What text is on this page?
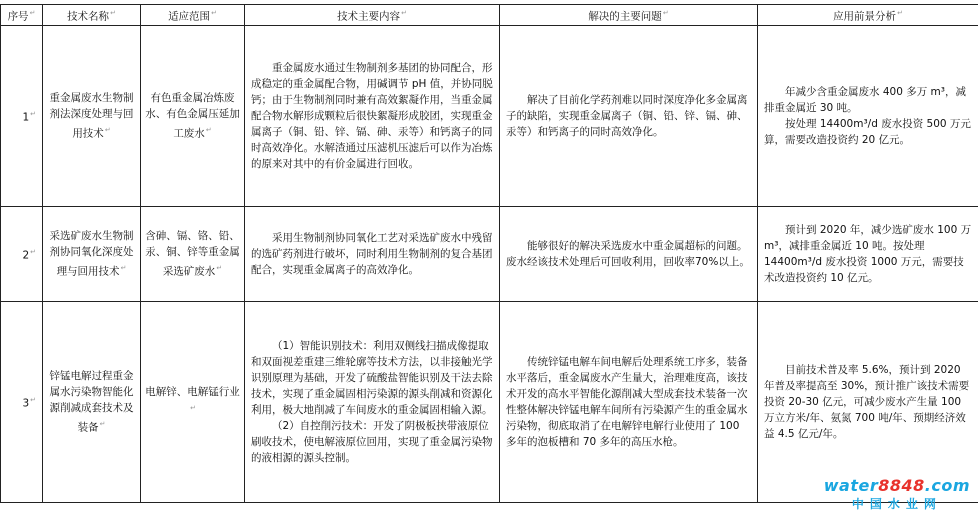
序号↵	技术名称↵	适应范围↵	技术主要内容↵	解决的主要问题↵	应用前景分析↵
1↵	重金属废水生物制剂法深度处理与回用技术↵	有色重金属冶炼废水、有色金属压延加工废水↵	重金属废水通过生物制剂多基团的协同配合，形成稳定的重金属配合物，用碱调节 pH 值，并协同脱钙；由于生物制剂同时兼有高效絮凝作用，当重金属配合物水解形成颗粒后很快絮凝形成胶团，实现重金属离子（铜、铅、锌、镉、砷、汞等）和钙离子的同时高效净化。水解渣通过压滤机压滤后可以作为冶炼的原来对其中的有价金属进行回收。	解决了目前化学药剂难以同时深度净化多金属离子的缺陷，实现重金属离子（铜、铅、锌、镉、砷、汞等）和钙离子的同时高效净化。	年减少含重金属废水 400 多万 m³，减排重金属近 30 吨。
按处理 14400m³/d 废水投资 500 万元算，需要改造投资约 20 亿元。

2↵	采选矿废水生物制剂协同氧化深度处理与回用技术↵	含砷、镉、铬、铅、汞、铜、锌等重金属采选矿废水↵	采用生物制剂协同氧化工艺对采选矿废水中残留的选矿药剂进行破坏，同时利用生物制剂的复合基团配合，实现重金属离子的高效净化。	能够很好的解决采选废水中重金属超标的问题。废水经该技术处理后可回收利用，回收率70%以上。	预计到 2020 年，减少选矿废水 100 万 m³，减排重金属近 10 吨。按处理 14400m³/d 废水投资 1000 万元，需要技术改造投资约 10 亿元。

3↵	锌锰电解过程重金属水污染物智能化源削减成套技术及装备↵	电解锌、电解锰行业↵	（1）智能识别技术：利用双侧线扫描成像提取和双面视差重建三维轮廓等技术方法，以非接触光学识别原理为基础，开发了硫酸盐智能识别及干法去除技术，实现了重金属固相污染源的源头削减和资源化利用，极大地削减了车间废水的重金属固相输入源。
（2）自控削污技术：开发了阴极板挟带液原位刷收技术，使电解液原位回用，实现了重金属污染物的液相源的源头控制。	传统锌锰电解车间电解后处理系统工序多，装备水平落后，重金属废水产生量大，治理难度高，该技术开发的高水平智能化源削减大型成套技术装备一次性整体解决锌锰电解车间所有污染源产生的重金属水污染物，彻底取消了在电解锌电解行业使用了 100 多年的泡板槽和 70 多年的高压水枪。	目前技术普及率 5.6%，预计到 2020 年普及率提高至 30%，预计推广该技术需要投资 20-30 亿元，可减少废水产生量 100 万立方米/年、氨氮 700 吨/年、预期经济效益 4.5 亿元/年。
water8848.com
中国水业网
